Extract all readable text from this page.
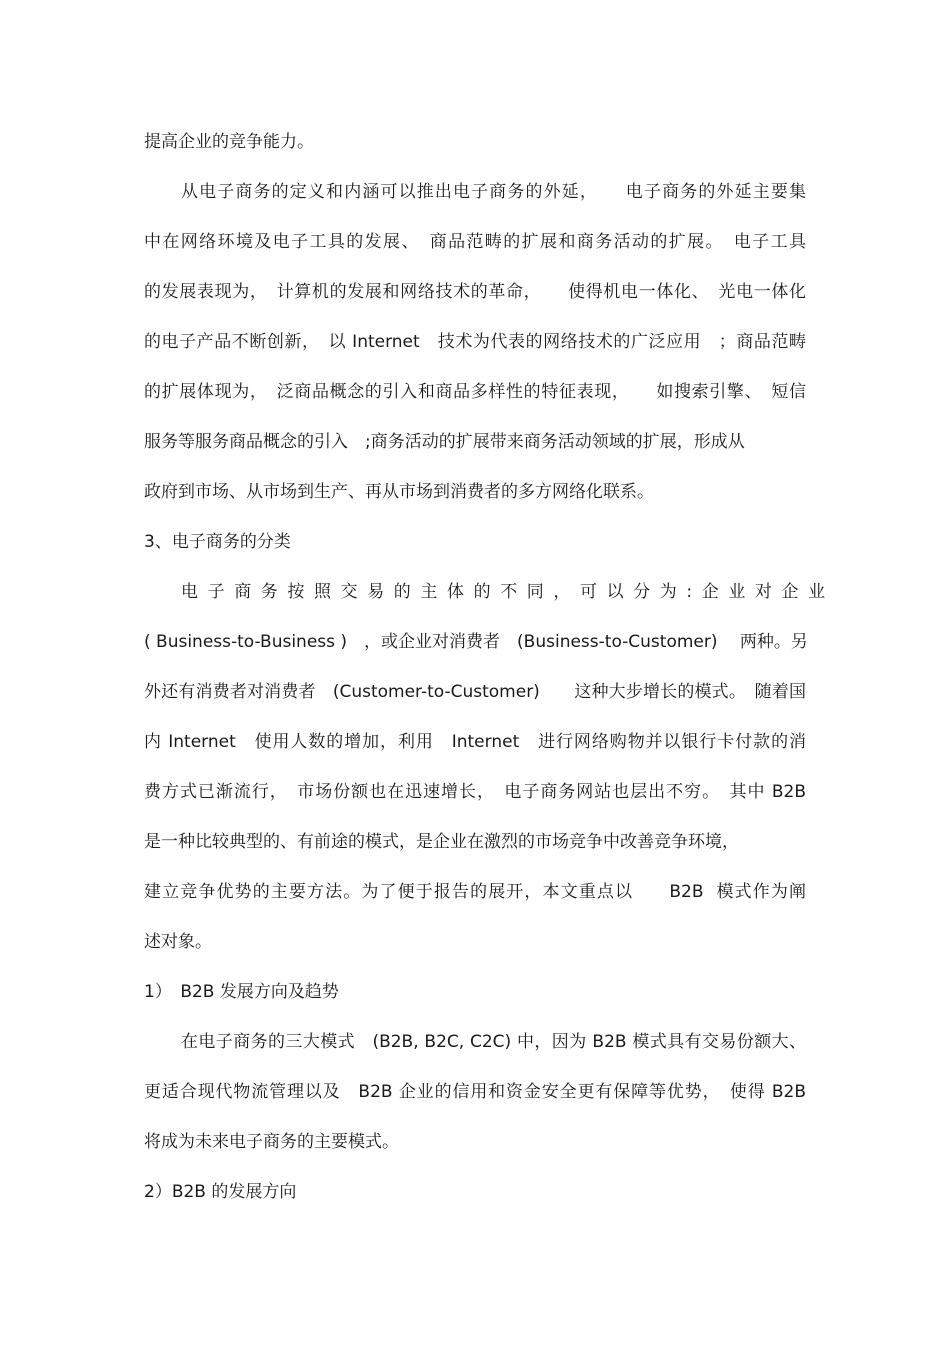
提高企业的竞争能力。
从电子商务的定义和内涵可以推出电子商务的外延，　　电子商务的外延主要集
中在网络环境及电子工具的发展、　商品范畴的扩展和商务活动的扩展。　电子工具
的发展表现为，　计算机的发展和网络技术的革命，　　使得机电一体化、　光电一体化
的电子产品不断创新，　以 Internet　技术为代表的网络技术的广泛应用　；商品范畴
的扩展体现为，　泛商品概念的引入和商品多样性的特征表现，　　如搜索引擎、　短信
服务等服务商品概念的引入　;商务活动的扩展带来商务活动领域的扩展，形成从
政府到市场、从市场到生产、再从市场到消费者的多方网络化联系。
3、电子商务的分类
电子商务按照交易的主体的不同，可以分为:企业对企业
( Business-to-Business )　，或企业对消费者　(Business-to-Customer)　 两种。另
外还有消费者对消费者　(Customer-to-Customer)　　这种大步增长的模式。　随着国
内 Internet　使用人数的增加，利用　Internet　进行网络购物并以银行卡付款的消
费方式已渐流行，　市场份额也在迅速增长，　电子商务网站也层出不穷。　其中 B2B
是一种比较典型的、有前途的模式，是企业在激烈的市场竞争中改善竞争环境，
建立竞争优势的主要方法。为了便于报告的展开，本文重点以　　B2B  模式作为阐
述对象。
1）　B2B 发展方向及趋势
在电子商务的三大模式　(B2B, B2C, C2C) 中，因为 B2B 模式具有交易份额大、
更适合现代物流管理以及　B2B 企业的信用和资金安全更有保障等优势，　使得 B2B
将成为未来电子商务的主要模式。
2）B2B 的发展方向
